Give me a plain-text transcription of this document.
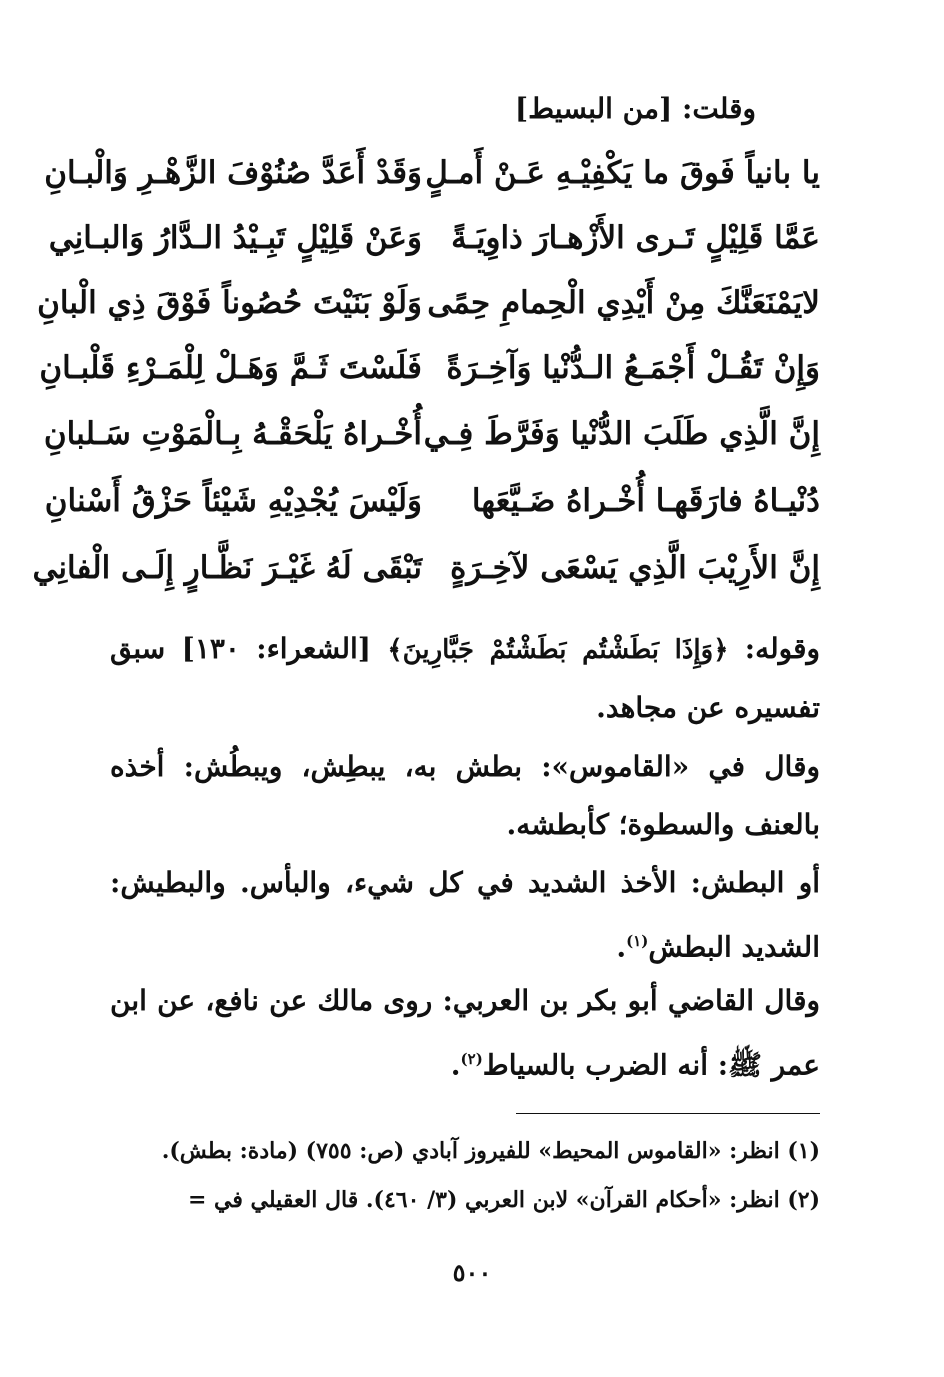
وقلت: [من البسيط]
يا بانياً فَوقَ ما يَكْفِيْـهِ عَـنْ أَمـلٍ
وَقَدْ أَعَدَّ صُنُوْفَ الزَّهْـرِ وَالْبـانِ
عَمَّا قَلِيْلٍ تَـرى الأَزْهـارَ ذاوِيَـةً
وَعَنْ قَلِيْلٍ تَبِـيْدُ الـدَّارُ وَالبـانِي
لايَمْنَعَنَّكَ مِنْ أَيْدِي الْحِمامِ حِمًى
وَلَوْ بَنَيْتَ حُصُوناً فَوْقَ ذِي الْبانِ
وَإِنْ تَقُـلْ أَجْمَـعُ الـدُّنْيا وَآخِـرَةً
فَلَسْتَ ثَـمَّ وَهَـلْ لِلْمَـرْءِ قَلْبـانِ
إِنَّ الَّذِي طَلَبَ الدُّنْيا وَفَرَّطَ فِـي
أُخْـراهُ يَلْحَقْـهُ بِـالْمَوْتِ سَـلبانِ
دُنْيـاهُ فارَقَهـا أُخْـراهُ ضَـيَّعَها
وَلَيْسَ يُجْدِيْهِ شَيْئاً حَزْقُ أَسْنانِ
إِنَّ الأَرِيْبَ الَّذِي يَسْعَى لآخِـرَةٍ
تَبْقَى لَهُ غَيْـرَ نَظَّـارٍ إِلَـى الْفانِي
وقوله: ﴿وَإِذَا بَطَشْتُم بَطَشْتُمْ جَبَّارِينَ﴾ [الشعراء: ١٣٠] سبق تفسيره عن مجاهد.
وقال في «القاموس»: بطش به، يبطِش، ويبطُش: أخذه بالعنف والسطوة؛ كأبطشه.
أو البطش: الأخذ الشديد في كل شيء، والبأس. والبطيش: الشديد البطش$^{(١)}$.
وقال القاضي أبو بكر بن العربي: روى مالك عن نافع، عن ابن عمر ﷺ: أنه الضرب بالسياط$^{(٢)}$.
(١) انظر: «القاموس المحيط» للفيروز آبادي (ص: ٧٥٥) (مادة: بطش).
(٢) انظر: «أحكام القرآن» لابن العربي (٣/ ٤٦٠). قال العقيلي في =
٥٠٠
